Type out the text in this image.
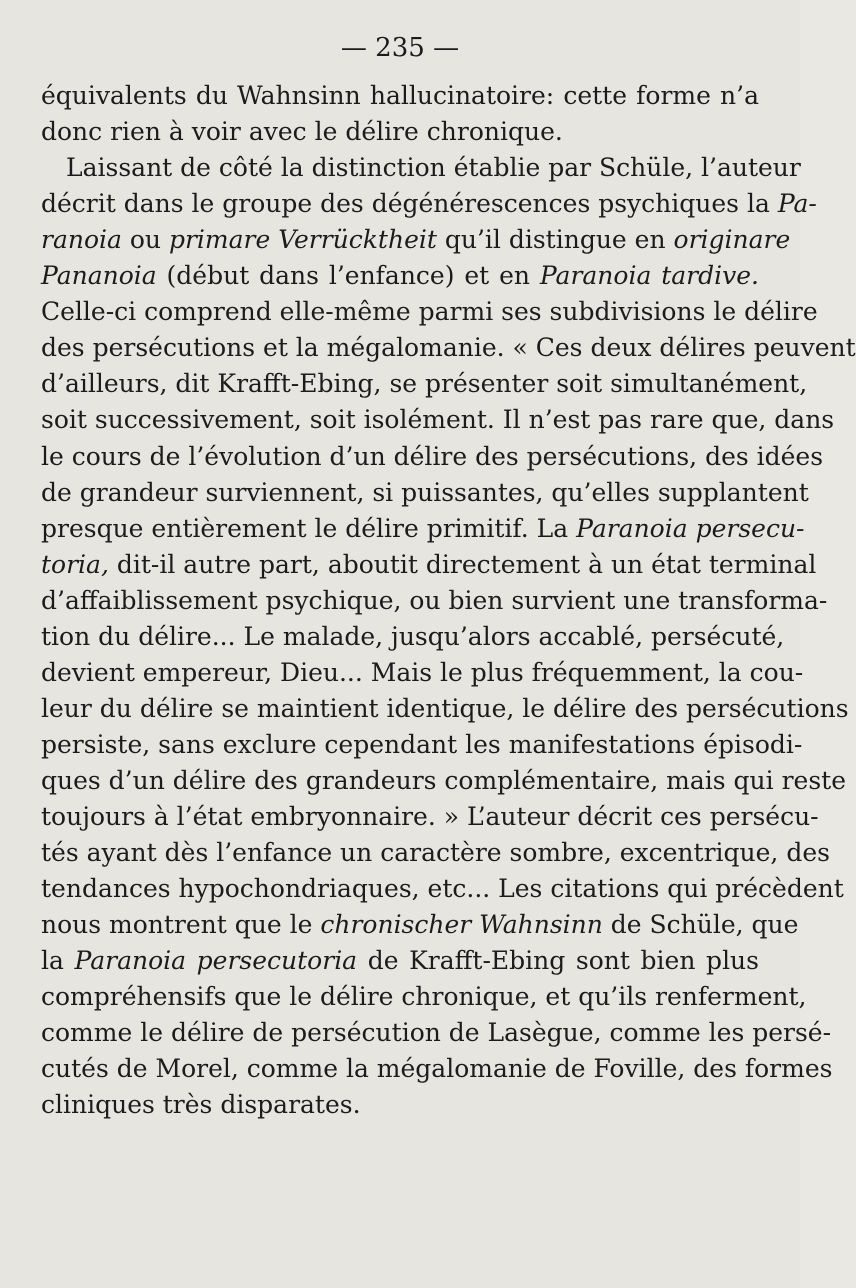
— 235 —
équivalents du Wahnsinn hallucinatoire: cette forme n’a
donc rien à voir avec le délire chronique.
Laissant de côté la distinction établie par Schüle, l’auteur
décrit dans le groupe des dégénérescences psychiques la Pa-
ranoia ou primare Verrücktheit qu’il distingue en originare
Pananoia (début dans l’enfance) et en Paranoia tardive.
Celle-ci comprend elle-même parmi ses subdivisions le délire
des persécutions et la mégalomanie. « Ces deux délires peuvent
d’ailleurs, dit Krafft-Ebing, se présenter soit simultanément,
soit successivement, soit isolément. Il n’est pas rare que, dans
le cours de l’évolution d’un délire des persécutions, des idées
de grandeur surviennent, si puissantes, qu’elles supplantent
presque entièrement le délire primitif. La Paranoia persecu-
toria, dit-il autre part, aboutit directement à un état terminal
d’affaiblissement psychique, ou bien survient une transforma-
tion du délire... Le malade, jusqu’alors accablé, persécuté,
devient empereur, Dieu... Mais le plus fréquemment, la cou-
leur du délire se maintient identique, le délire des persécutions
persiste, sans exclure cependant les manifestations épisodi-
ques d’un délire des grandeurs complémentaire, mais qui reste
toujours à l’état embryonnaire. » L’auteur décrit ces persécu-
tés ayant dès l’enfance un caractère sombre, excentrique, des
tendances hypochondriaques, etc... Les citations qui précèdent
nous montrent que le chronischer Wahnsinn de Schüle, que
la Paranoia persecutoria de Krafft-Ebing sont bien plus
compréhensifs que le délire chronique, et qu’ils renferment,
comme le délire de persécution de Lasègue, comme les persé-
cutés de Morel, comme la mégalomanie de Foville, des formes
cliniques très disparates.
